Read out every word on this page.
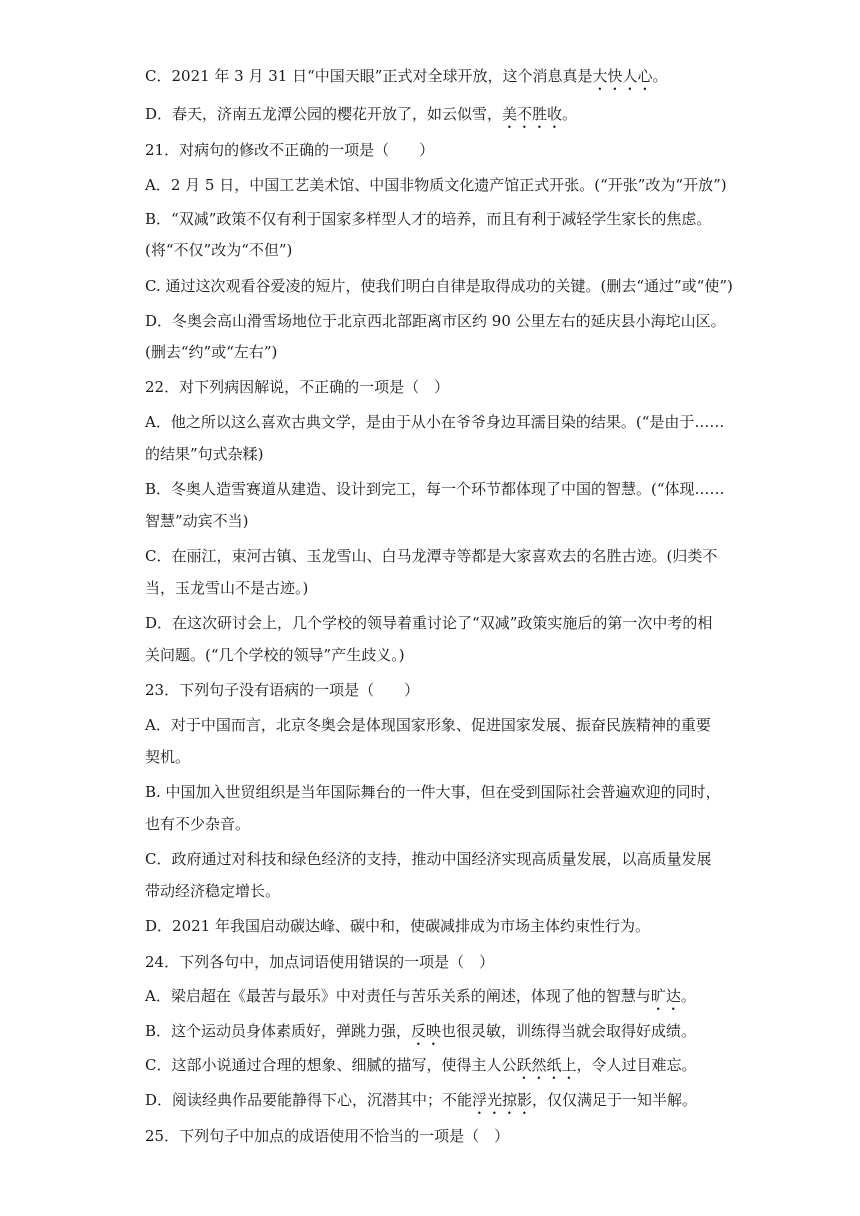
C．2021 年 3 月 31 日“中国天眼”正式对全球开放，这个消息真是大快人心。
D．春天，济南五龙潭公园的樱花开放了，如云似雪，美不胜收。
21．对病句的修改不正确的一项是（　　）
A．2 月 5 日，中国工艺美术馆、中国非物质文化遗产馆正式开张。(“开张”改为“开放”)
B．“双减”政策不仅有利于国家多样型人才的培养，而且有利于减轻学生家长的焦虑。
(将“不仅”改为“不但”)
C. 通过这次观看谷爱凌的短片，使我们明白自律是取得成功的关键。(删去“通过”或“使”)
D．冬奥会高山滑雪场地位于北京西北部距离市区约 90 公里左右的延庆县小海坨山区。
(删去“约”或“左右”)
22．对下列病因解说，不正确的一项是（　）
A．他之所以这么喜欢古典文学，是由于从小在爷爷身边耳濡目染的结果。(“是由于……
的结果”句式杂糅)
B．冬奥人造雪赛道从建造、设计到完工，每一个环节都体现了中国的智慧。(“体现……
智慧”动宾不当)
C．在丽江，束河古镇、玉龙雪山、白马龙潭寺等都是大家喜欢去的名胜古迹。(归类不
当，玉龙雪山不是古迹。)
D．在这次研讨会上，几个学校的领导着重讨论了“双减”政策实施后的第一次中考的相
关问题。(“几个学校的领导”产生歧义。)
23．下列句子没有语病的一项是（　　）
A．对于中国而言，北京冬奥会是体现国家形象、促进国家发展、振奋民族精神的重要
契机。
B. 中国加入世贸组织是当年国际舞台的一件大事，但在受到国际社会普遍欢迎的同时，
也有不少杂音。
C．政府通过对科技和绿色经济的支持，推动中国经济实现高质量发展，以高质量发展
带动经济稳定增长。
D．2021 年我国启动碳达峰、碳中和，使碳减排成为市场主体约束性行为。
24．下列各句中，加点词语使用错误的一项是（　）
A．梁启超在《最苦与最乐》中对责任与苦乐关系的阐述，体现了他的智慧与旷达。
B．这个运动员身体素质好，弹跳力强，反映也很灵敏，训练得当就会取得好成绩。
C．这部小说通过合理的想象、细腻的描写，使得主人公跃然纸上，令人过目难忘。
D．阅读经典作品要能静得下心，沉潜其中；不能浮光掠影，仅仅满足于一知半解。
25．下列句子中加点的成语使用不恰当的一项是（　）
